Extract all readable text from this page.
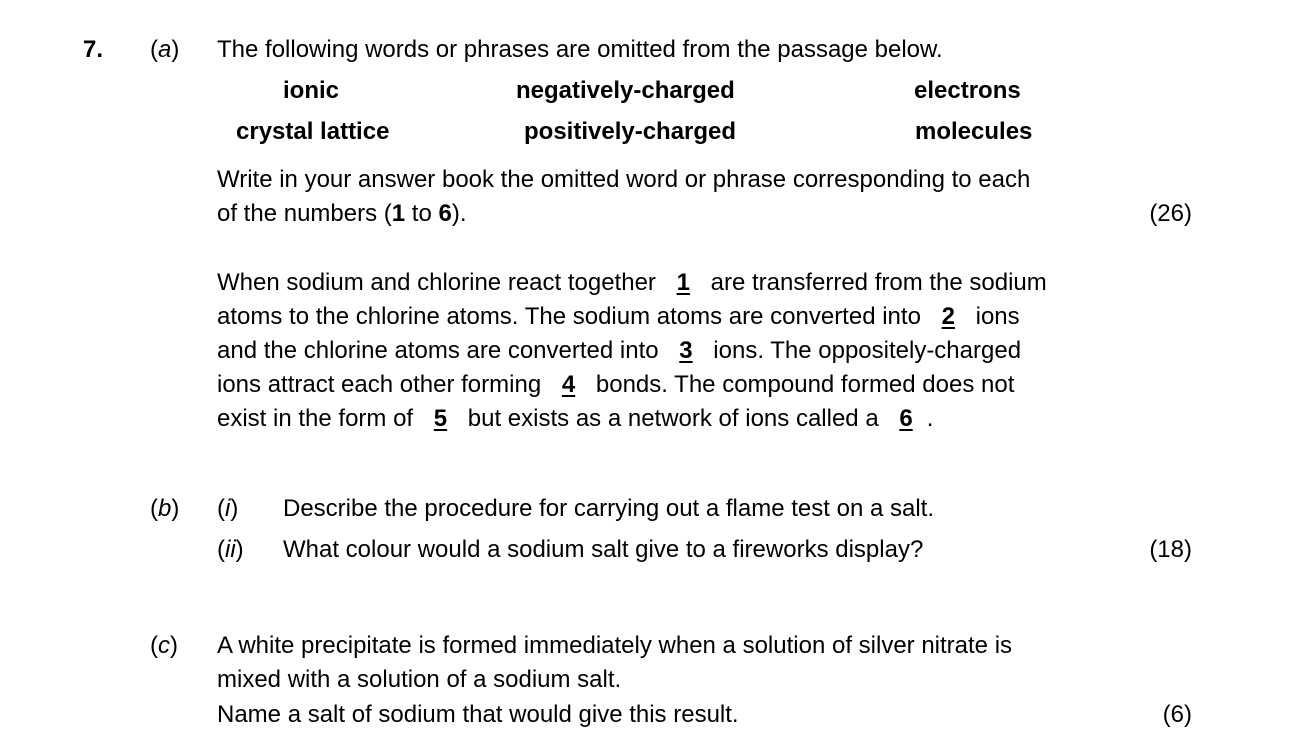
7. (a) The following words or phrases are omitted from the passage below.
ionic	negatively-charged	electrons
crystal lattice	positively-charged	molecules
Write in your answer book the omitted word or phrase corresponding to each
of the numbers (1 to 6).	(26)
When sodium and chlorine react together 1 are transferred from the sodium
atoms to the chlorine atoms. The sodium atoms are converted into 2 ions
and the chlorine atoms are converted into 3 ions. The oppositely-charged
ions attract each other forming 4 bonds. The compound formed does not
exist in the form of 5 but exists as a network of ions called a 6 .
(b) (i) Describe the procedure for carrying out a flame test on a salt.
(ii) What colour would a sodium salt give to a fireworks display?	(18)
(c) A white precipitate is formed immediately when a solution of silver nitrate is
mixed with a solution of a sodium salt.
Name a salt of sodium that would give this result.	(6)
